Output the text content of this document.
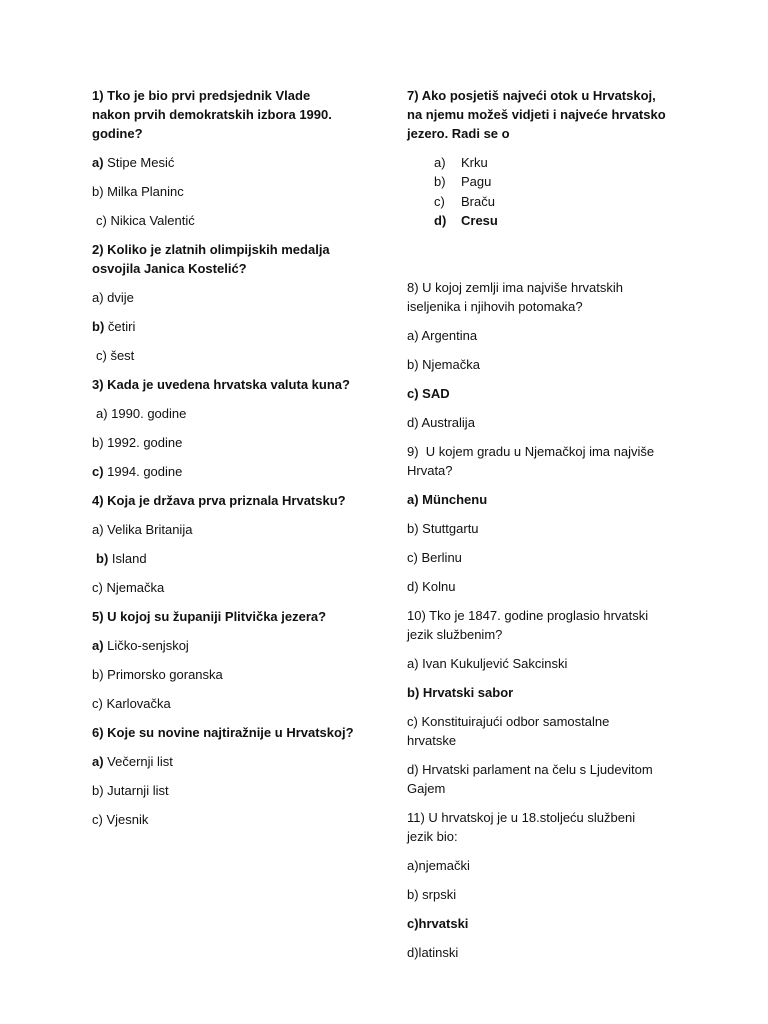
1) Tko je bio prvi predsjednik Vlade
nakon prvih demokratskih izbora 1990.
godine?
a) Stipe Mesić
b) Milka Planinc
c) Nikica Valentić
2) Koliko je zlatnih olimpijskih medalja
osvojila Janica Kostelić?
a) dvije
b) četiri
c) šest
3) Kada je uvedena hrvatska valuta kuna?
a) 1990. godine
b) 1992. godine
c) 1994. godine
4) Koja je država prva priznala Hrvatsku?
a) Velika Britanija
b) Island
c) Njemačka
5) U kojoj su županiji Plitvička jezera?
a) Ličko-senjskoj
b) Primorsko goranska
c) Karlovačka
6) Koje su novine najtiražnije u Hrvatskoj?
a) Večernji list
b) Jutarnji list
c) Vjesnik
7) Ako posjetiš najveći otok u Hrvatskoj,
na njemu možeš vidjeti i najveće hrvatsko
jezero. Radi se o
a)	Krku
b)	Pagu
c)	Braču
d)	Cresu
8) U kojoj zemlji ima najviše hrvatskih
iseljenika i njihovih potomaka?
a) Argentina
b) Njemačka
c) SAD
d) Australija
9)  U kojem gradu u Njemačkoj ima najviše
Hrvata?
a) Münchenu
b) Stuttgartu
c) Berlinu
d) Kolnu
10) Tko je 1847. godine proglasio hrvatski
jezik službenim?
a) Ivan Kukuljević Sakcinski
b) Hrvatski sabor
c) Konstituirajući odbor samostalne
hrvatske
d) Hrvatski parlament na čelu s Ljudevitom
Gajem
11) U hrvatskoj je u 18.stoljeću službeni
jezik bio:
a)njemački
b) srpski
c)hrvatski
d)latinski
